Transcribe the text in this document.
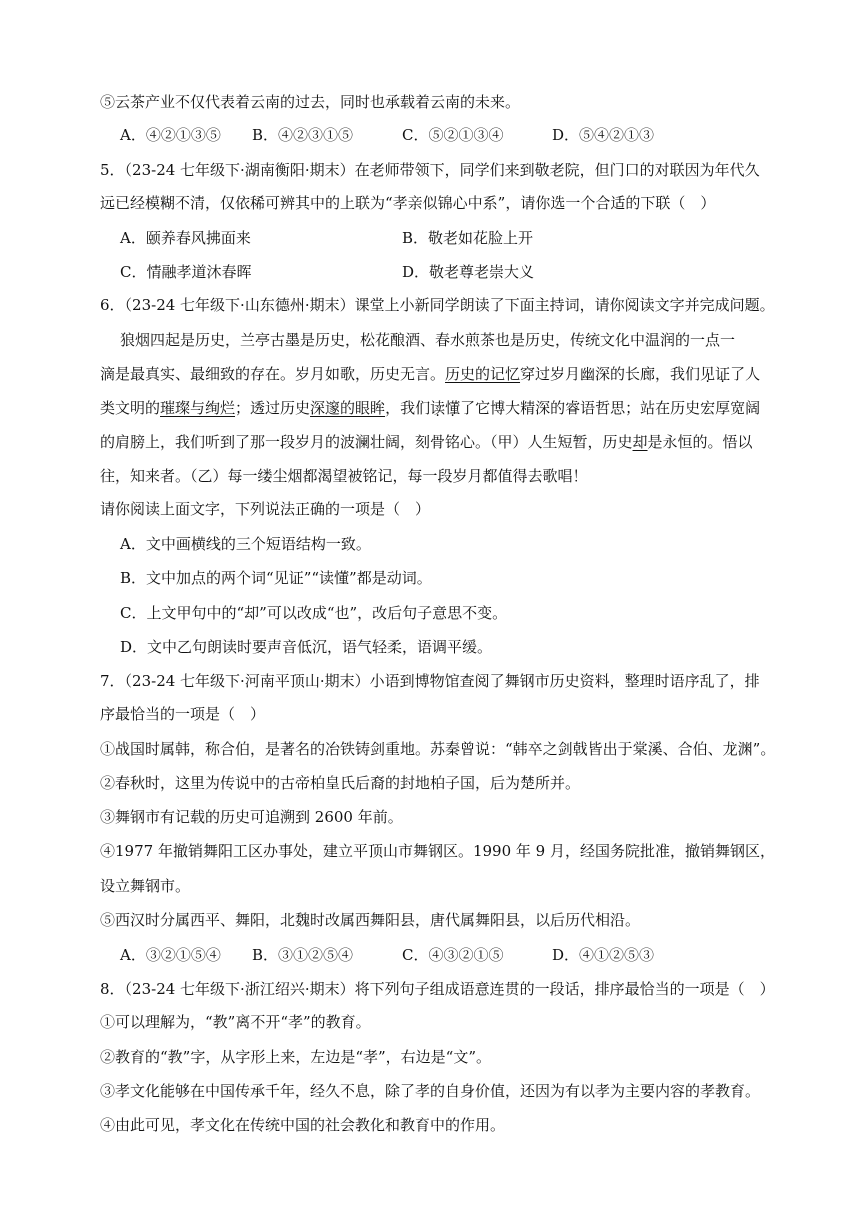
⑤云茶产业不仅代表着云南的过去，同时也承载着云南的未来。
A．④②①③⑤ B．④②③①⑤	C．⑤②①③④	D．⑤④②①③
5．（23-24 七年级下·湖南衡阳·期末）在老师带领下，同学们来到敬老院，但门口的对联因为年代久
远已经模糊不清，仅依稀可辨其中的上联为“孝亲似锦心中系”，请你选一个合适的下联（　）
A．颐养春风拂面来	B．敬老如花脸上开
C．情融孝道沐春晖	D．敬老尊老崇大义
6．（23-24 七年级下·山东德州·期末）课堂上小新同学朗读了下面主持词，请你阅读文字并完成问题。
狼烟四起是历史，兰亭古墨是历史，松花酿酒、春水煎茶也是历史，传统文化中温润的一点一
滴是最真实、最细致的存在。岁月如歌，历史无言。历史的记忆穿过岁月幽深的长廊，我们见证了人
类文明的璀璨与绚烂；透过历史深邃的眼眸，我们读懂了它博大精深的睿语哲思；站在历史宏厚宽阔
的肩膀上，我们听到了那一段岁月的波澜壮阔，刻骨铭心。（甲）人生短暂，历史却是永恒的。悟以
往，知来者。（乙）每一缕尘烟都渴望被铭记，每一段岁月都值得去歌唱！
请你阅读上面文字，下列说法正确的一项是（　）
A．文中画横线的三个短语结构一致。
B．文中加点的两个词“见证”“读懂”都是动词。
C．上文甲句中的“却”可以改成“也”，改后句子意思不变。
D．文中乙句朗读时要声音低沉，语气轻柔，语调平缓。
7．（23-24 七年级下·河南平顶山·期末）小语到博物馆查阅了舞钢市历史资料，整理时语序乱了，排
序最恰当的一项是（　）
①战国时属韩，称合伯，是著名的冶铁铸剑重地。苏秦曾说：“韩卒之剑戟皆出于棠溪、合伯、龙渊”。
②春秋时，这里为传说中的古帝柏皇氏后裔的封地柏子国，后为楚所并。
③舞钢市有记载的历史可追溯到 2600 年前。
④1977 年撤销舞阳工区办事处，建立平顶山市舞钢区。1990 年 9 月，经国务院批准，撤销舞钢区，
设立舞钢市。
⑤西汉时分属西平、舞阳，北魏时改属西舞阳县，唐代属舞阳县，以后历代相沿。
A．③②①⑤④ B．③①②⑤④	C．④③②①⑤	D．④①②⑤③
8．（23-24 七年级下·浙江绍兴·期末）将下列句子组成语意连贯的一段话，排序最恰当的一项是（　）
①可以理解为，“教”离不开“孝”的教育。
②教育的“教”字，从字形上来，左边是“孝”，右边是“文”。
③孝文化能够在中国传承千年，经久不息，除了孝的自身价值，还因为有以孝为主要内容的孝教育。
④由此可见，孝文化在传统中国的社会教化和教育中的作用。
